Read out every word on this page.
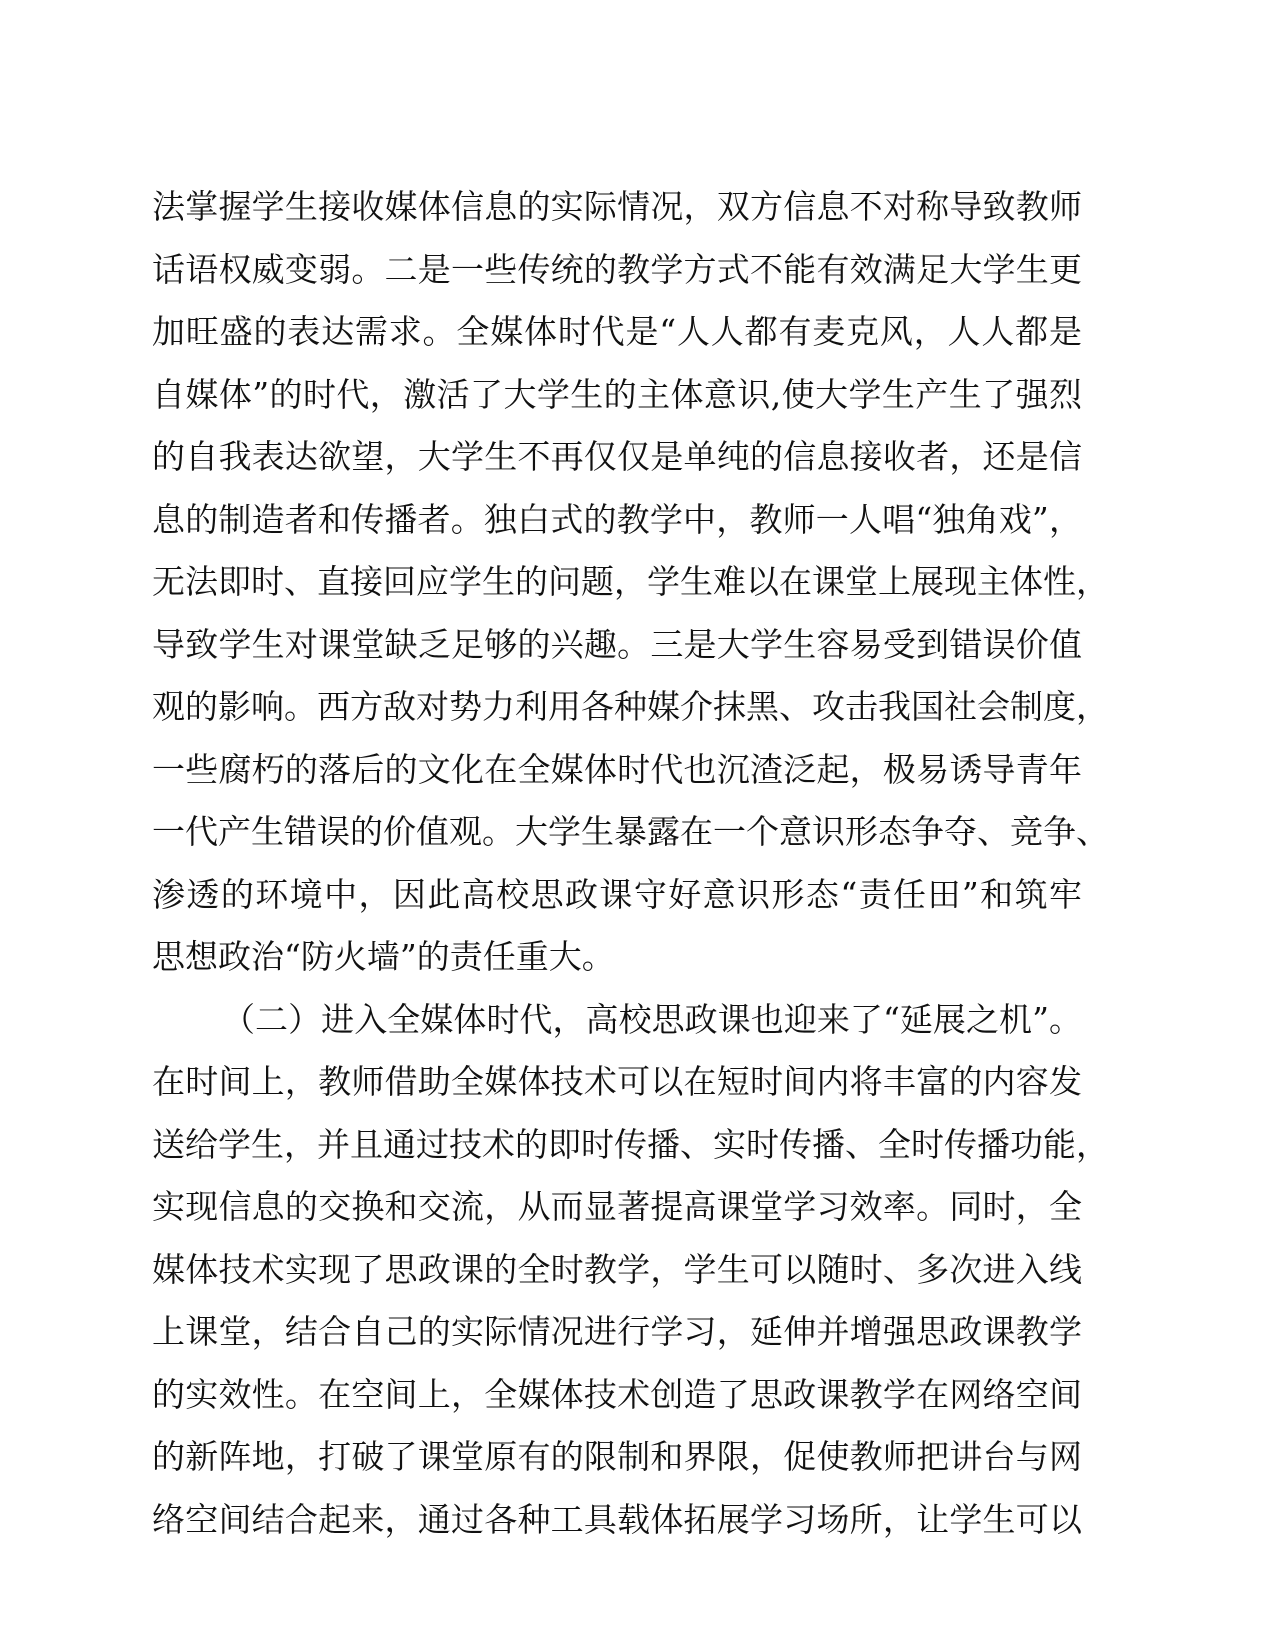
法掌握学生接收媒体信息的实际情况，双方信息不对称导致教师
话语权威变弱。二是一些传统的教学方式不能有效满足大学生更
加旺盛的表达需求。全媒体时代是“人人都有麦克风，人人都是
自媒体”的时代，激活了大学生的主体意识,使大学生产生了强烈
的自我表达欲望，大学生不再仅仅是单纯的信息接收者，还是信
息的制造者和传播者。独白式的教学中，教师一人唱“独角戏”，
无法即时、直接回应学生的问题，学生难以在课堂上展现主体性，
导致学生对课堂缺乏足够的兴趣。三是大学生容易受到错误价值
观的影响。西方敌对势力利用各种媒介抹黑、攻击我国社会制度，
一些腐朽的落后的文化在全媒体时代也沉渣泛起，极易诱导青年
一代产生错误的价值观。大学生暴露在一个意识形态争夺、竞争、
渗透的环境中，因此高校思政课守好意识形态“责任田”和筑牢
思想政治“防火墙”的责任重大。
（二）进入全媒体时代，高校思政课也迎来了“延展之机”。
在时间上，教师借助全媒体技术可以在短时间内将丰富的内容发
送给学生，并且通过技术的即时传播、实时传播、全时传播功能，
实现信息的交换和交流，从而显著提高课堂学习效率。同时，全
媒体技术实现了思政课的全时教学，学生可以随时、多次进入线
上课堂，结合自己的实际情况进行学习，延伸并增强思政课教学
的实效性。在空间上，全媒体技术创造了思政课教学在网络空间
的新阵地，打破了课堂原有的限制和界限，促使教师把讲台与网
络空间结合起来，通过各种工具载体拓展学习场所，让学生可以
